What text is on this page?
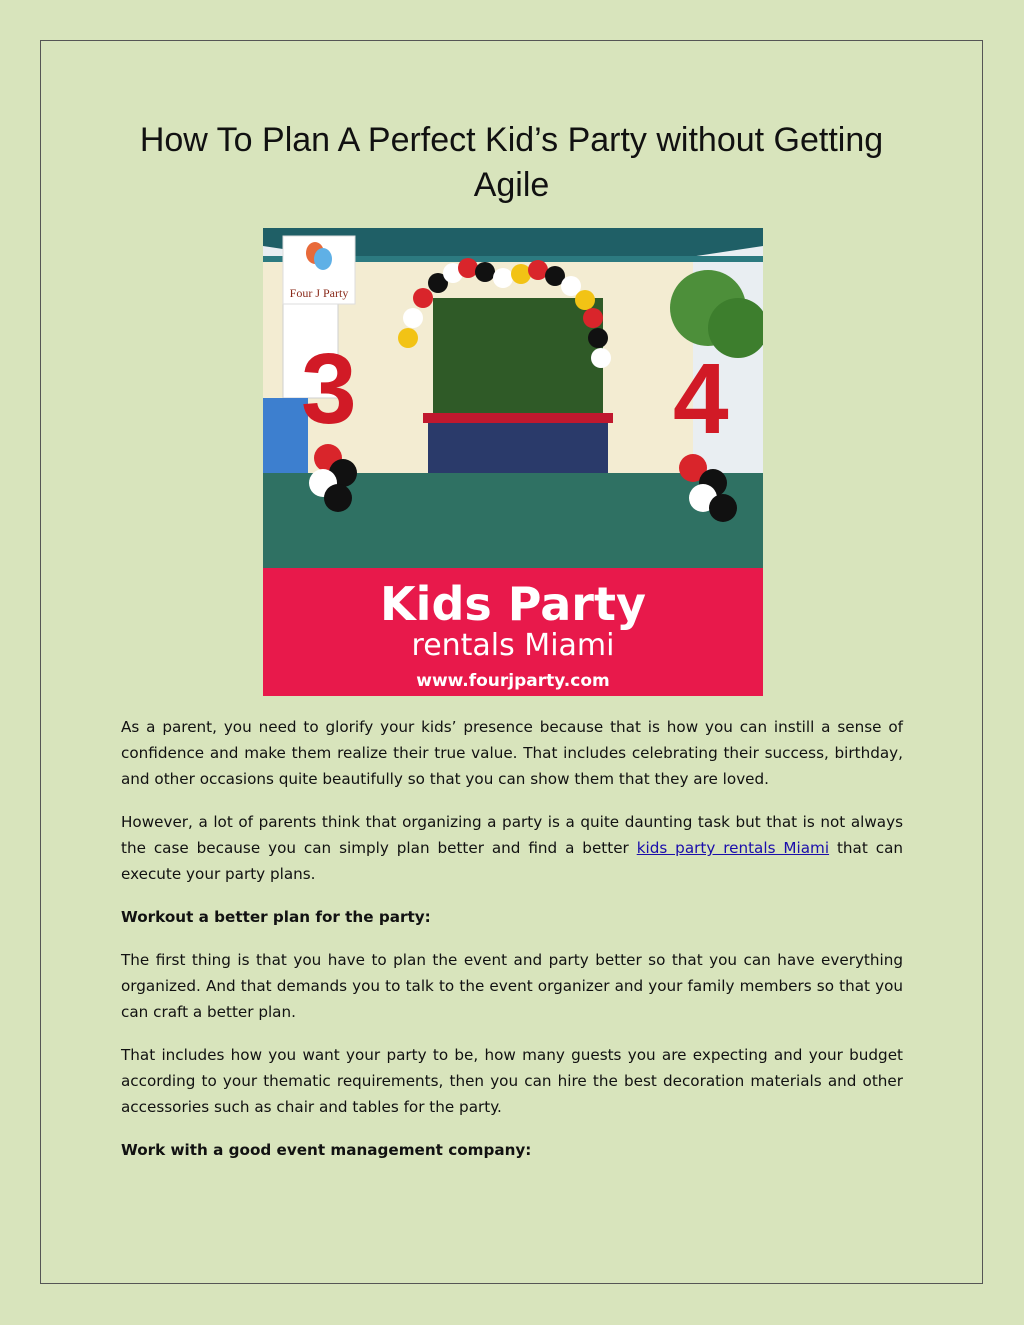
How To Plan A Perfect Kid’s Party without Getting Agile
3	4
Four J Party
Kids Party
rentals Miami
www.fourjparty.com

As a parent, you need to glorify your kids’ presence because that is how you can instill a sense of confidence and make them realize their true value. That includes celebrating their success, birthday, and other occasions quite beautifully so that you can show them that they are loved.

However, a lot of parents think that organizing a party is a quite daunting task but that is not always the case because you can simply plan better and find a better kids party rentals Miami that can execute your party plans.

Workout a better plan for the party:

The first thing is that you have to plan the event and party better so that you can have everything organized. And that demands you to talk to the event organizer and your family members so that you can craft a better plan.

That includes how you want your party to be, how many guests you are expecting and your budget according to your thematic requirements, then you can hire the best decoration materials and other accessories such as chair and tables for the party.

Work with a good event management company:
